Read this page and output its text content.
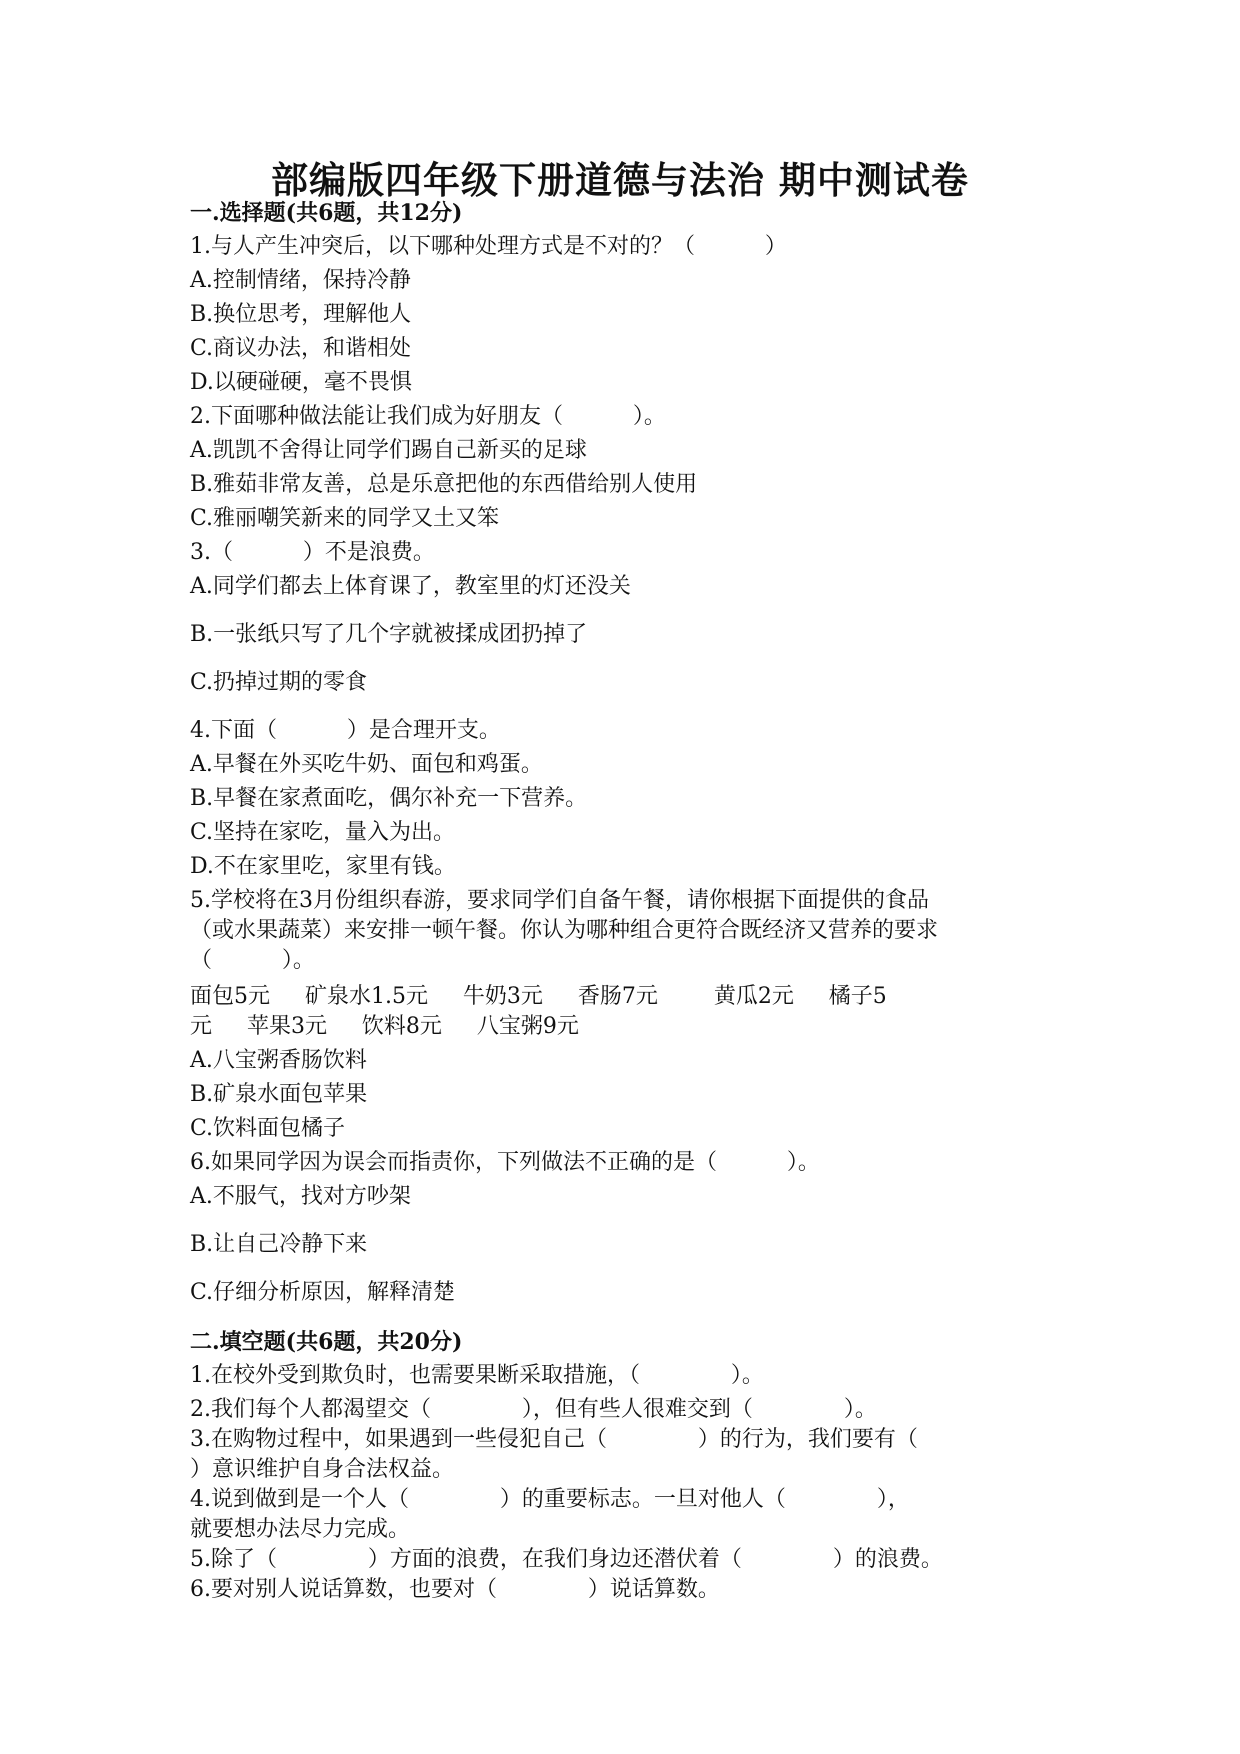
部编版四年级下册道德与法治 期中测试卷
一.选择题(共6题，共12分)
1.与人产生冲突后，以下哪种处理方式是不对的？（          ）
A.控制情绪，保持冷静
B.换位思考，理解他人
C.商议办法，和谐相处
D.以硬碰硬，毫不畏惧
2.下面哪种做法能让我们成为好朋友（          ）。
A.凯凯不舍得让同学们踢自己新买的足球
B.雅茹非常友善，总是乐意把他的东西借给别人使用
C.雅丽嘲笑新来的同学又土又笨
3.（          ）不是浪费。
A.同学们都去上体育课了，教室里的灯还没关
B.一张纸只写了几个字就被揉成团扔掉了
C.扔掉过期的零食
4.下面（          ）是合理开支。
A.早餐在外买吃牛奶、面包和鸡蛋。
B.早餐在家煮面吃，偶尔补充一下营养。
C.坚持在家吃，量入为出。
D.不在家里吃，家里有钱。
5.学校将在3月份组织春游，要求同学们自备午餐，请你根据下面提供的食品
（或水果蔬菜）来安排一顿午餐。你认为哪种组合更符合既经济又营养的要求
（          ）。
面包5元     矿泉水1.5元     牛奶3元     香肠7元        黄瓜2元     橘子5
元     苹果3元     饮料8元     八宝粥9元
A.八宝粥香肠饮料
B.矿泉水面包苹果
C.饮料面包橘子
6.如果同学因为误会而指责你，下列做法不正确的是（          ）。
A.不服气，找对方吵架
B.让自己冷静下来
C.仔细分析原因，解释清楚
二.填空题(共6题，共20分)
1.在校外受到欺负时，也需要果断采取措施，（             ）。
2.我们每个人都渴望交（             ），但有些人很难交到（             ）。
3.在购物过程中，如果遇到一些侵犯自己（             ）的行为，我们要有（
）意识维护自身合法权益。
4.说到做到是一个人（             ）的重要标志。一旦对他人（             ），
就要想办法尽力完成。
5.除了（             ）方面的浪费，在我们身边还潜伏着（             ）的浪费。
6.要对别人说话算数，也要对（             ）说话算数。
